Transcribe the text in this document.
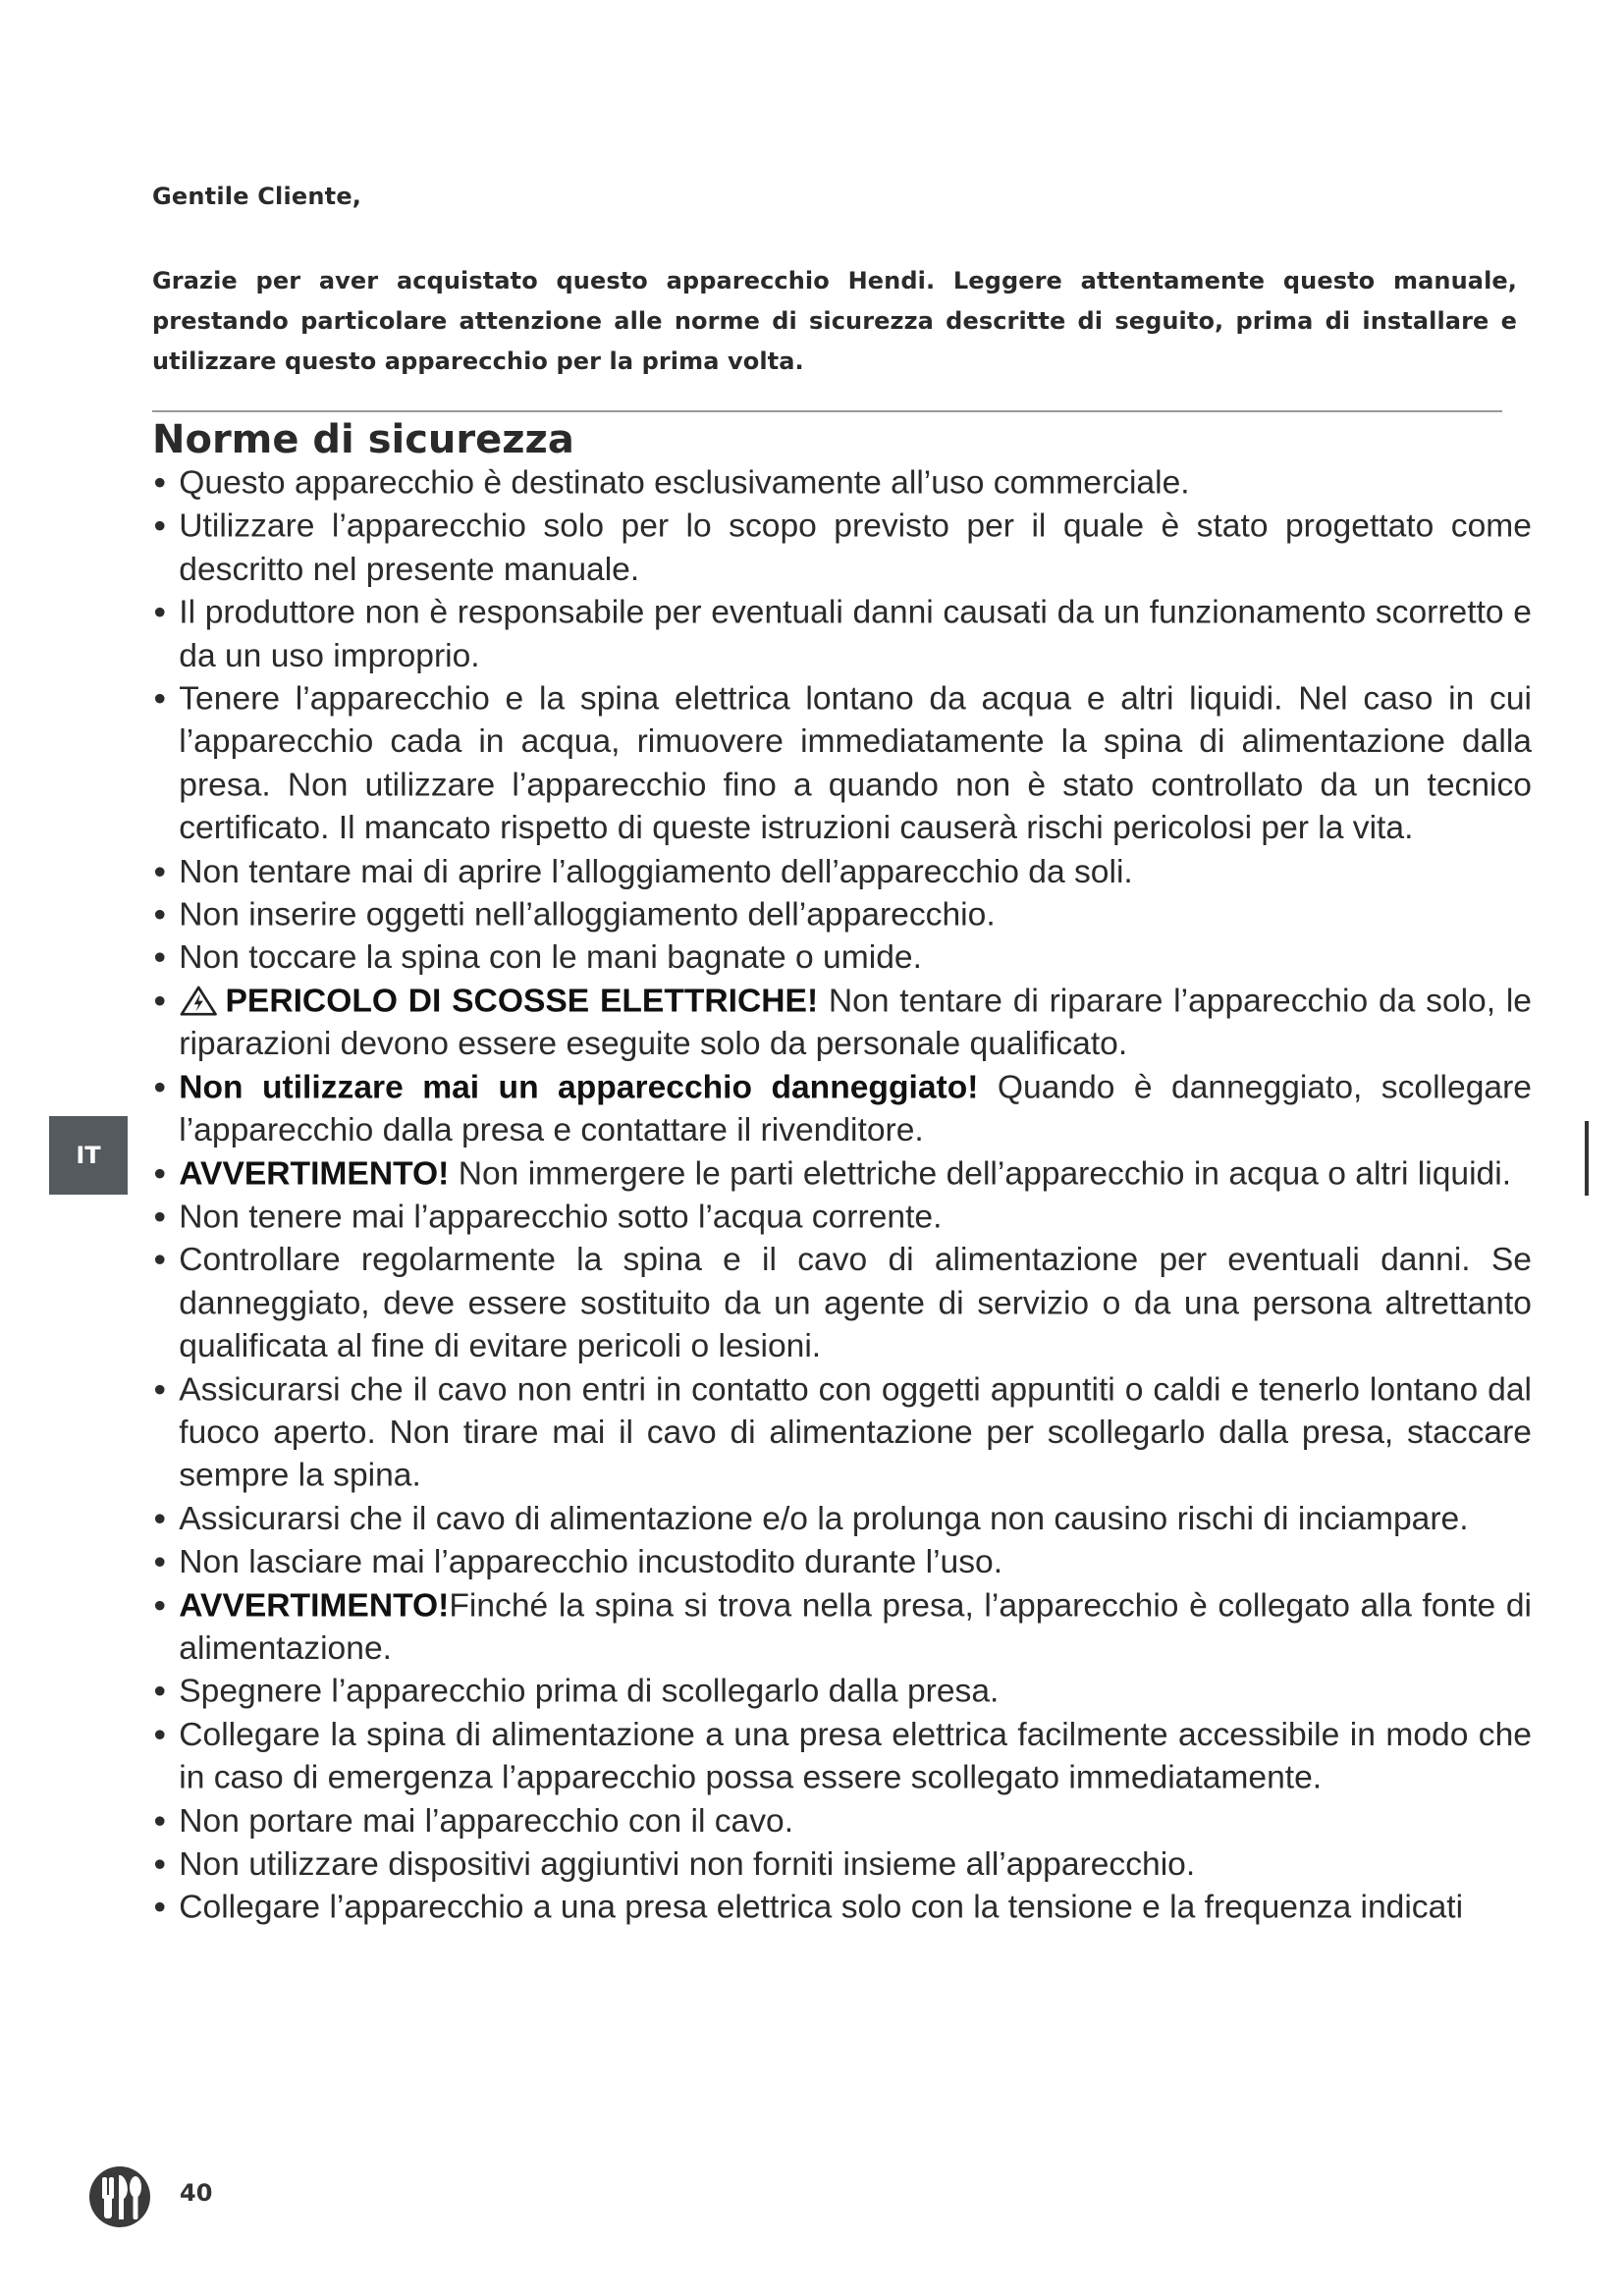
Gentile Cliente,
Grazie per aver acquistato questo apparecchio Hendi. Leggere attentamente questo manuale, prestando particolare attenzione alle norme di sicurezza descritte di seguito, prima di installare e utilizzare questo apparecchio per la prima volta.
Norme di sicurezza
• Questo apparecchio è destinato esclusivamente all’uso commerciale.
• Utilizzare l’apparecchio solo per lo scopo previsto per il quale è stato progettato come descritto nel presente manuale.
• Il produttore non è responsabile per eventuali danni causati da un funzionamento scorretto e da un uso improprio.
• Tenere l’apparecchio e la spina elettrica lontano da acqua e altri liquidi. Nel caso in cui l’apparecchio cada in acqua, rimuovere immediatamente la spina di alimentazione dalla presa. Non utilizzare l’apparecchio fino a quando non è stato controllato da un tecnico certificato. Il mancato rispetto di queste istruzioni causerà rischi pericolosi per la vita.
• Non tentare mai di aprire l’alloggiamento dell’apparecchio da soli.
• Non inserire oggetti nell’alloggiamento dell’apparecchio.
• Non toccare la spina con le mani bagnate o umide.
• PERICOLO DI SCOSSE ELETTRICHE! Non tentare di riparare l’apparecchio da solo, le riparazioni devono essere eseguite solo da personale qualificato.
• Non utilizzare mai un apparecchio danneggiato! Quando è danneggiato, scollegare l’apparecchio dalla presa e contattare il rivenditore.
• AVVERTIMENTO! Non immergere le parti elettriche dell’apparecchio in acqua o altri liquidi.
• Non tenere mai l’apparecchio sotto l’acqua corrente.
• Controllare regolarmente la spina e il cavo di alimentazione per eventuali danni. Se danneggiato, deve essere sostituito da un agente di servizio o da una persona altrettanto qualificata al fine di evitare pericoli o lesioni.
• Assicurarsi che il cavo non entri in contatto con oggetti appuntiti o caldi e tenerlo lontano dal fuoco aperto. Non tirare mai il cavo di alimentazione per scollegarlo dalla presa, staccare sempre la spina.
• Assicurarsi che il cavo di alimentazione e/o la prolunga non causino rischi di inciampare.
• Non lasciare mai l’apparecchio incustodito durante l’uso.
• AVVERTIMENTO!Finché la spina si trova nella presa, l’apparecchio è collegato alla fonte di alimentazione.
• Spegnere l’apparecchio prima di scollegarlo dalla presa.
• Collegare la spina di alimentazione a una presa elettrica facilmente accessibile in modo che in caso di emergenza l’apparecchio possa essere scollegato immediatamente.
• Non portare mai l’apparecchio con il cavo.
• Non utilizzare dispositivi aggiuntivi non forniti insieme all’apparecchio.
• Collegare l’apparecchio a una presa elettrica solo con la tensione e la frequenza indicati
IT
40
